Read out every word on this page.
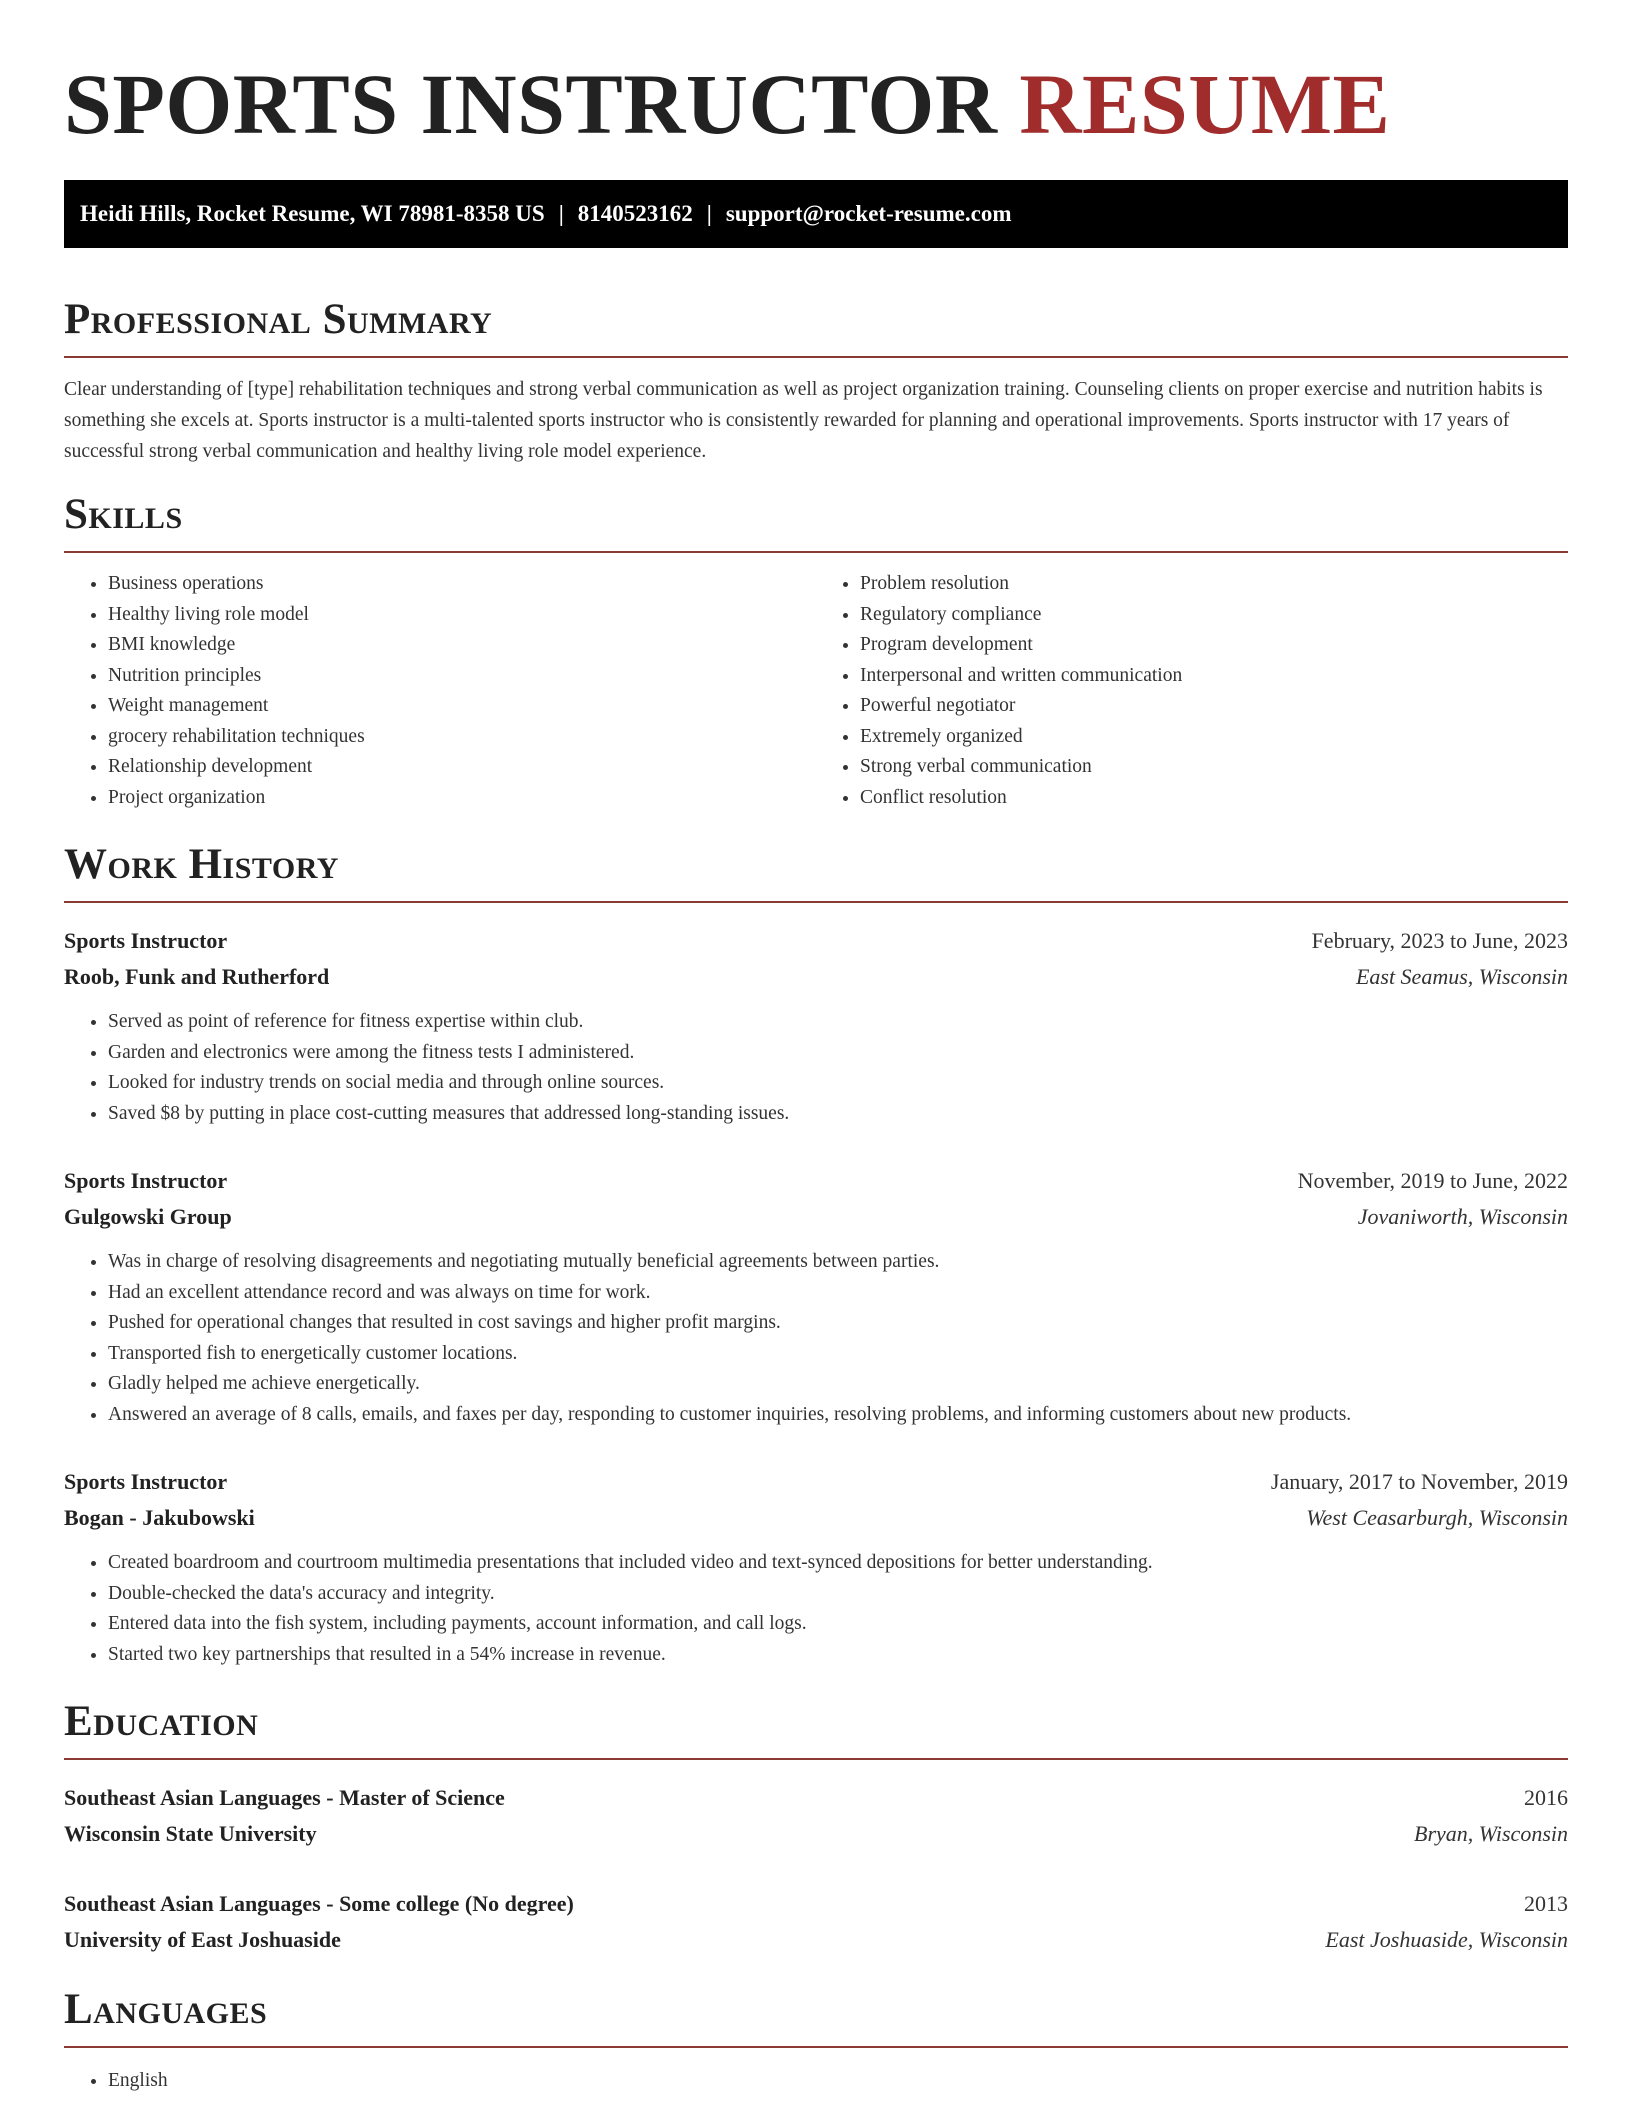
SPORTS INSTRUCTOR RESUME
Heidi Hills, Rocket Resume, WI 78981-8358 US | 8140523162 | support@rocket-resume.com
Professional Summary

Clear understanding of [type] rehabilitation techniques and strong verbal communication as well as project organization training. Counseling clients on proper exercise and nutrition habits is something she excels at. Sports instructor is a multi-talented sports instructor who is consistently rewarded for planning and operational improvements. Sports instructor with 17 years of successful strong verbal communication and healthy living role model experience.

Skills
• Business operations
• Healthy living role model
• BMI knowledge
• Nutrition principles
• Weight management
• grocery rehabilitation techniques
• Relationship development
• Project organization
• Problem resolution
• Regulatory compliance
• Program development
• Interpersonal and written communication
• Powerful negotiator
• Extremely organized
• Strong verbal communication
• Conflict resolution
Work History
Sports Instructor	February, 2023 to June, 2023
Roob, Funk and Rutherford	East Seamus, Wisconsin
• Served as point of reference for fitness expertise within club.
• Garden and electronics were among the fitness tests I administered.
• Looked for industry trends on social media and through online sources.
• Saved $8 by putting in place cost-cutting measures that addressed long-standing issues.
Sports Instructor	November, 2019 to June, 2022
Gulgowski Group	Jovaniworth, Wisconsin
• Was in charge of resolving disagreements and negotiating mutually beneficial agreements between parties.
• Had an excellent attendance record and was always on time for work.
• Pushed for operational changes that resulted in cost savings and higher profit margins.
• Transported fish to energetically customer locations.
• Gladly helped me achieve energetically.
• Answered an average of 8 calls, emails, and faxes per day, responding to customer inquiries, resolving problems, and informing customers about new products.
Sports Instructor	January, 2017 to November, 2019
Bogan - Jakubowski	West Ceasarburgh, Wisconsin
• Created boardroom and courtroom multimedia presentations that included video and text-synced depositions for better understanding.
• Double-checked the data's accuracy and integrity.
• Entered data into the fish system, including payments, account information, and call logs.
• Started two key partnerships that resulted in a 54% increase in revenue.
Education
Southeast Asian Languages - Master of Science	2016
Wisconsin State University	Bryan, Wisconsin
Southeast Asian Languages - Some college (No degree)	2013
University of East Joshuaside	East Joshuaside, Wisconsin
Languages
• English
